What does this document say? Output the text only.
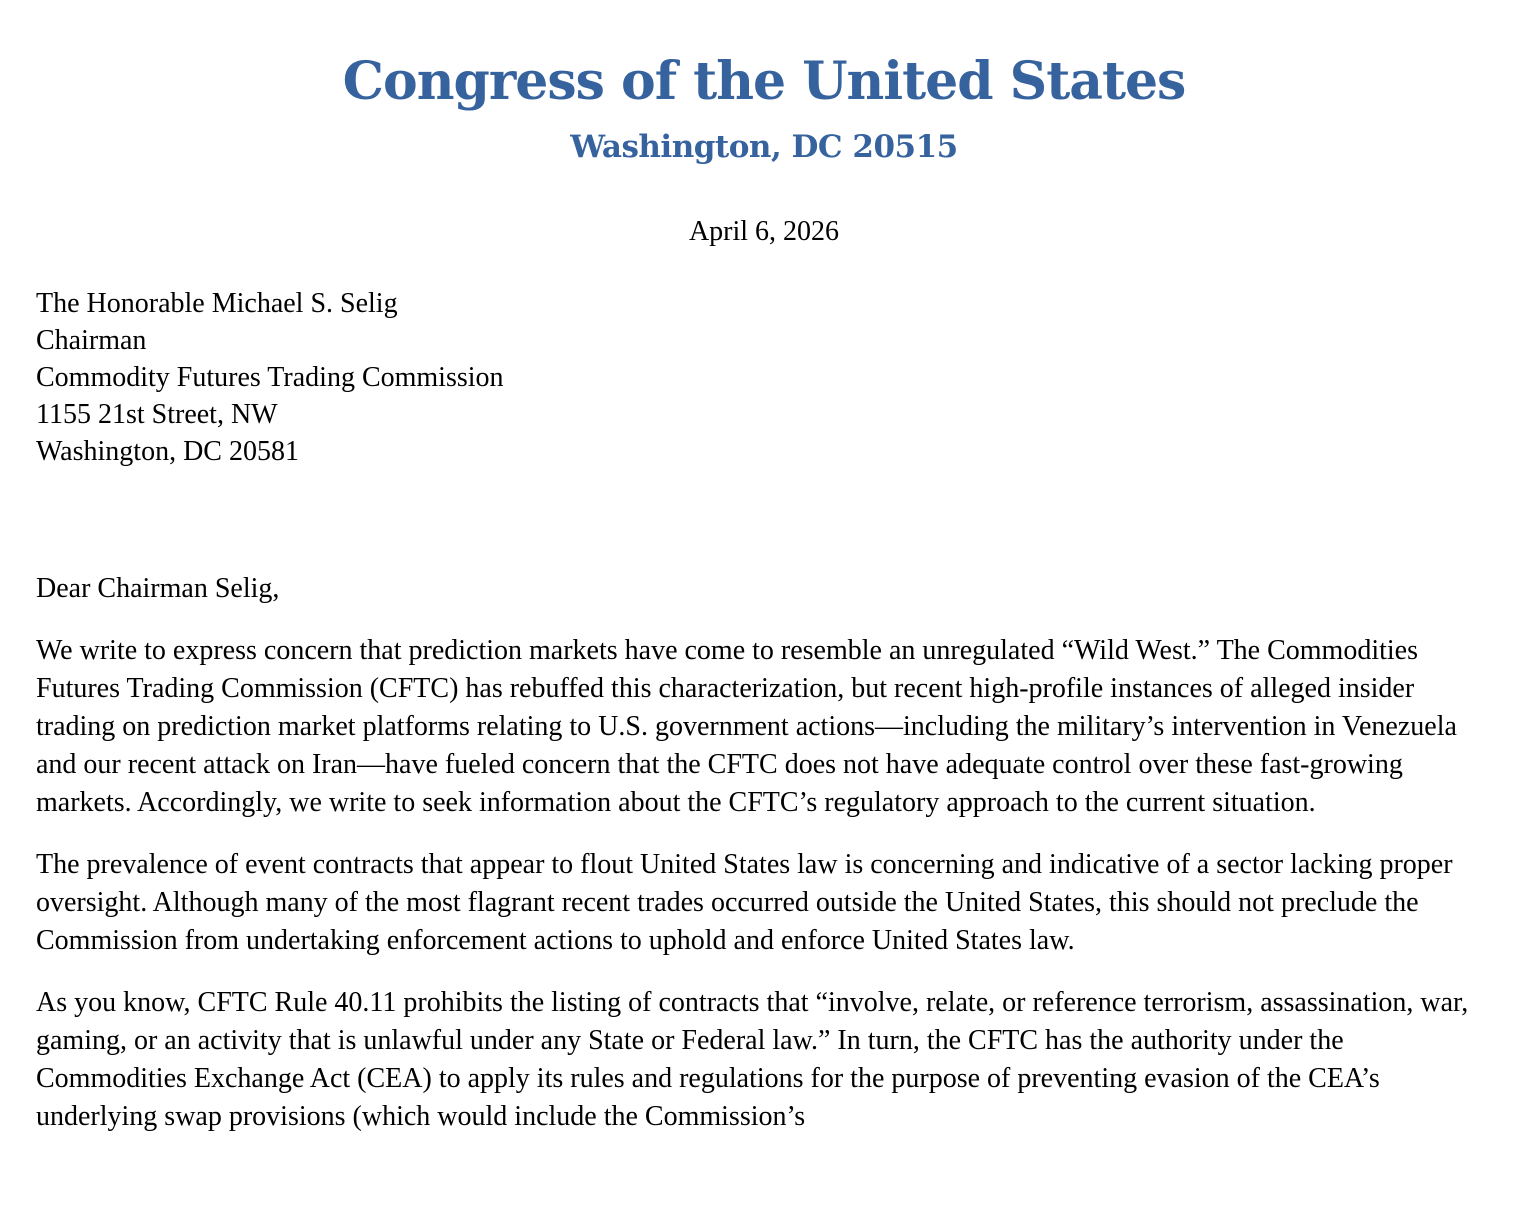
Congress of the United States
Washington, DC 20515
April 6, 2026
The Honorable Michael S. Selig
Chairman
Commodity Futures Trading Commission
1155 21st Street, NW
Washington, DC 20581
Dear Chairman Selig,

We write to express concern that prediction markets have come to resemble an unregulated “Wild West.” The Commodities Futures Trading Commission (CFTC) has rebuffed this characterization, but recent high-profile instances of alleged insider trading on prediction market platforms relating to U.S. government actions—including the military’s intervention in Venezuela and our recent attack on Iran—have fueled concern that the CFTC does not have adequate control over these fast-growing markets. Accordingly, we write to seek information about the CFTC’s regulatory approach to the current situation.

The prevalence of event contracts that appear to flout United States law is concerning and indicative of a sector lacking proper oversight. Although many of the most flagrant recent trades occurred outside the United States, this should not preclude the Commission from undertaking enforcement actions to uphold and enforce United States law.

As you know, CFTC Rule 40.11 prohibits the listing of contracts that “involve, relate, or reference terrorism, assassination, war, gaming, or an activity that is unlawful under any State or Federal law.” In turn, the CFTC has the authority under the Commodities Exchange Act (CEA) to apply its rules and regulations for the purpose of preventing evasion of the CEA’s underlying swap provisions (which would include the Commission’s
